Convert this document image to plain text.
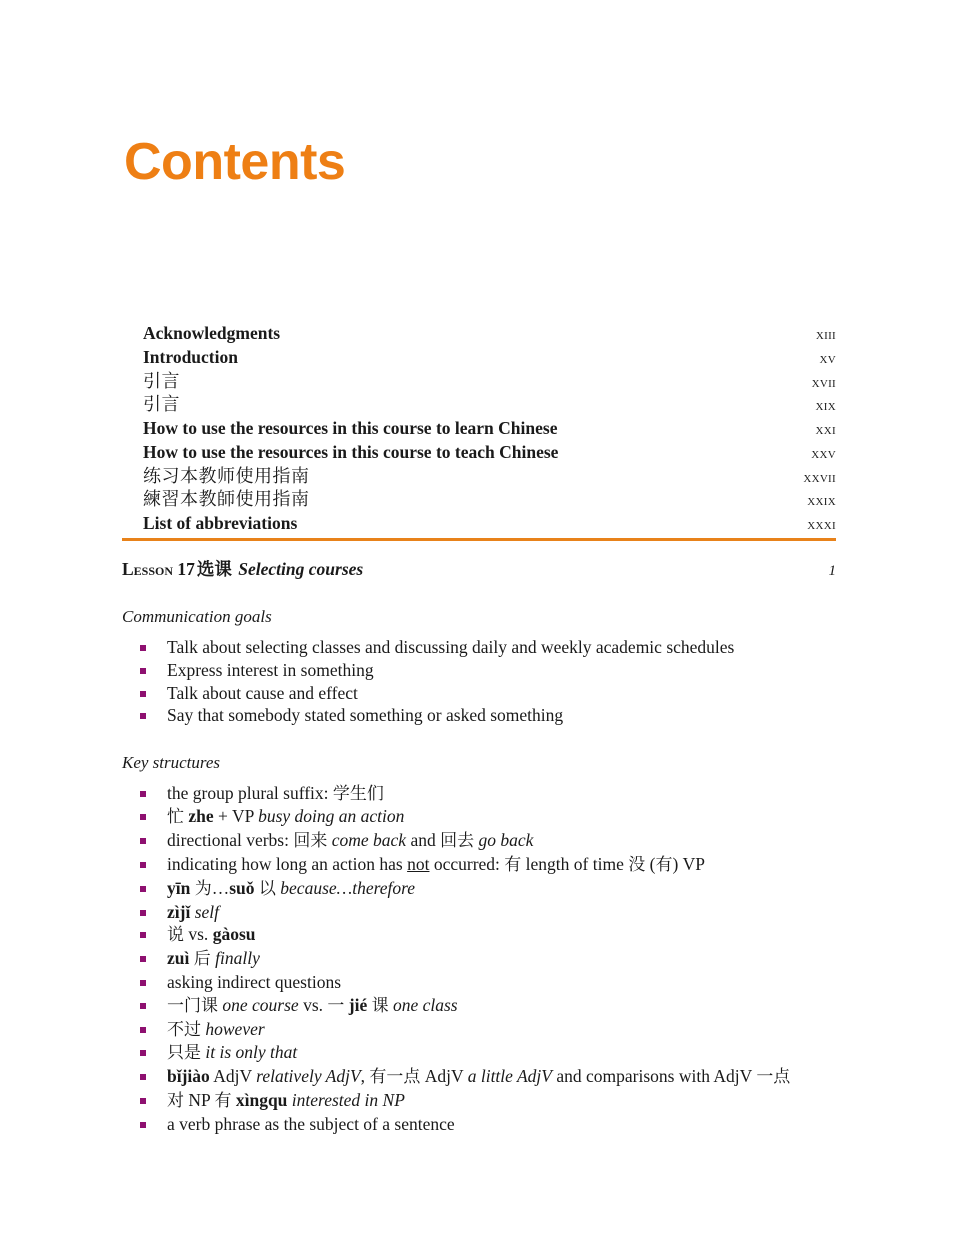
Contents
Acknowledgments	xiii
Introduction	xv
引言	xvii
引言	xix
How to use the resources in this course to learn Chinese	xxi
How to use the resources in this course to teach Chinese	xxv
练习本教师使用指南	xxvii
練習本教師使用指南	xxix
List of abbreviations	xxxi
Lesson 17 选课 Selecting courses	1
Communication goals
Talk about selecting classes and discussing daily and weekly academic schedules
Express interest in something
Talk about cause and effect
Say that somebody stated something or asked something
Key structures
the group plural suffix: 学生们
忙 zhe + VP busy doing an action
directional verbs: 回来 come back and 回去 go back
indicating how long an action has not occurred: 有 length of time 没 (有) VP
yīn 为…suǒ 以 because…therefore
zìjǐ self
说 vs. gàosu
zuì 后 finally
asking indirect questions
一门课 one course vs. 一 jié 课 one class
不过 however
只是 it is only that
bǐjiào AdjV relatively AdjV, 有一点 AdjV a little AdjV and comparisons with AdjV 一点
对 NP 有 xìngqu interested in NP
a verb phrase as the subject of a sentence
